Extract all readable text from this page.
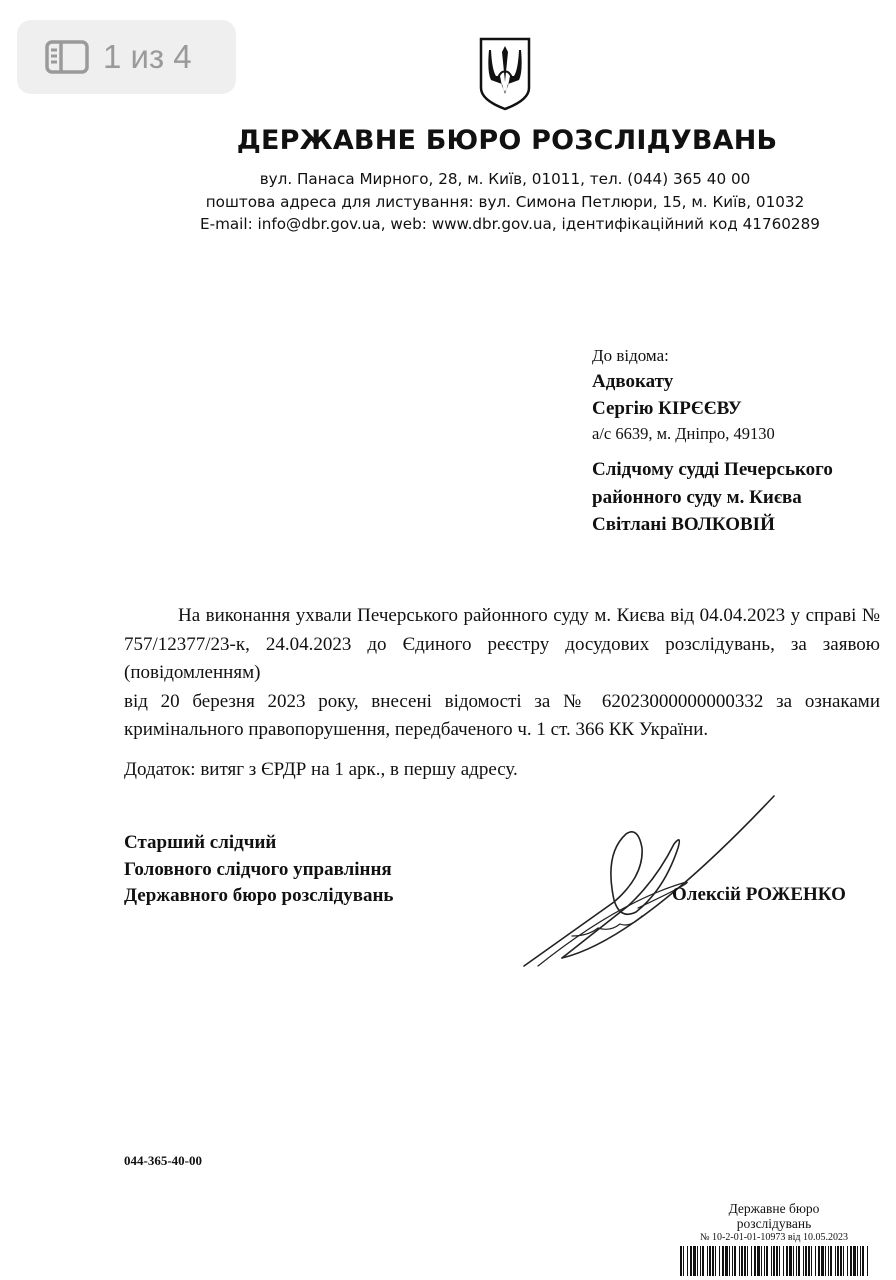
1 из 4
ДЕРЖАВНЕ БЮРО РОЗСЛІДУВАНЬ
вул. Панаса Мирного, 28, м. Київ, 01011, тел. (044) 365 40 00
поштова адреса для листування: вул. Симона Петлюри, 15, м. Київ, 01032
E-mail: info@dbr.gov.ua, web: www.dbr.gov.ua, ідентифікаційний код 41760289
До відома:
Адвокату
Сергію КІРЄЄВУ
а/с 6639, м. Дніпро, 49130
Слідчому судді Печерського
районного суду м. Києва
Світлані ВОЛКОВІЙ

На виконання ухвали Печерського районного суду м. Києва від 04.04.2023 у справі № 757/12377/23-к, 24.04.2023 до Єдиного реєстру досудових розслідувань, за заявою (повідомленням)

від 20 березня 2023 року, внесені відомості за № 62023000000000332 за ознаками кримінального правопорушення, передбаченого ч. 1 ст. 366 КК України.

Додаток: витяг з ЄРДР на 1 арк., в першу адресу.
Старший слідчий
Головного слідчого управління
Державного бюро розслідувань	Олексій РОЖЕНКО
044-365-40-00
Державне бюро
розслідувань
№ 10-2-01-01-10973 від 10.05.2023
